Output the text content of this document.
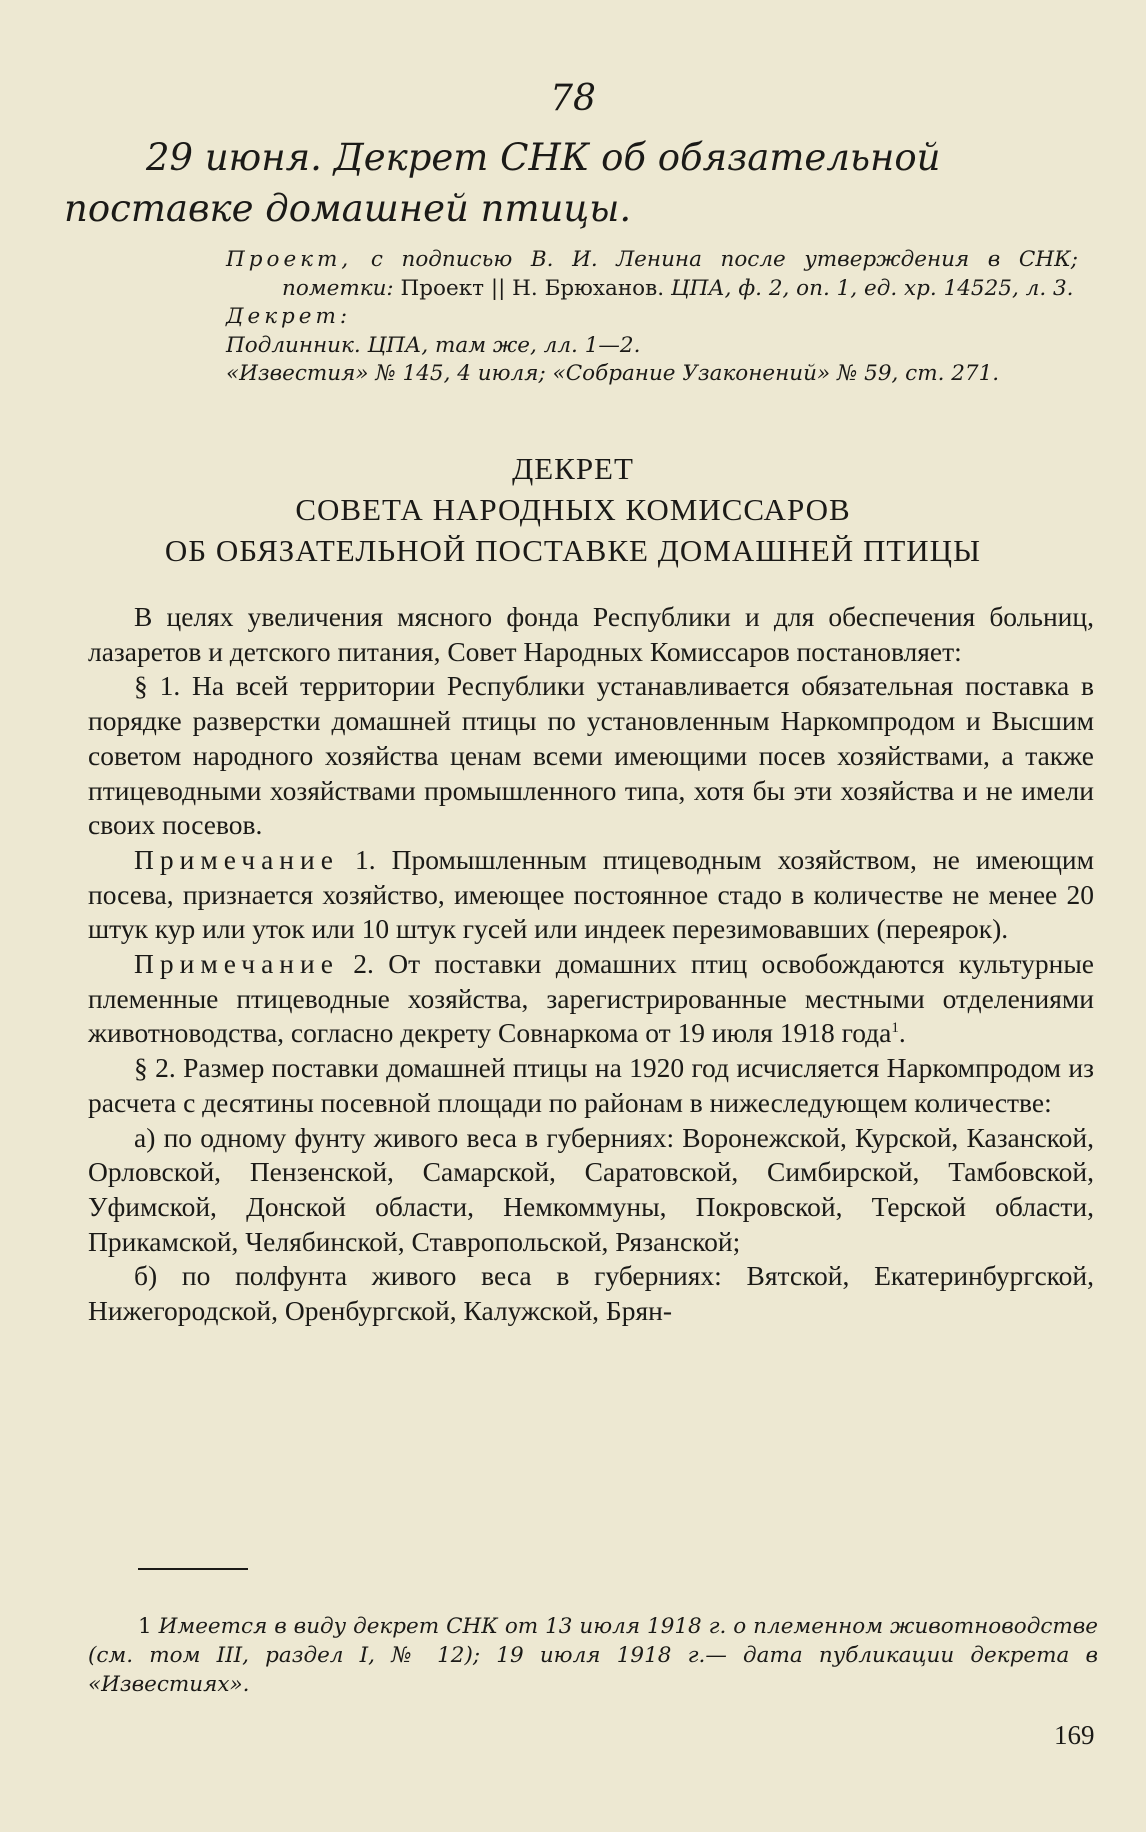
78
29 июня. Декрет СНК об обязательной поставке домашней птицы.

Проект, с подписью В. И. Ленина после утверждения в СНК; пометки: Проект || Н. Брюханов. ЦПА, ф. 2, оп. 1, ед. хр. 14525, л. 3.

Декрет:

Подлинник. ЦПА, там же, лл. 1—2.

«Известия» № 145, 4 июля; «Собрание Узаконений» № 59, ст. 271.

ДЕКРЕТ
СОВЕТА НАРОДНЫХ КОМИССАРОВ
ОБ ОБЯЗАТЕЛЬНОЙ ПОСТАВКЕ ДОМАШНЕЙ ПТИЦЫ

В целях увеличения мясного фонда Республики и для обеспечения больниц, лазаретов и детского питания, Совет Народных Комиссаров постановляет:

§ 1. На всей территории Республики устанавливается обязательная поставка в порядке разверстки домашней птицы по установленным Наркомпродом и Высшим советом народного хозяйства ценам всеми имеющими посев хозяйствами, а также птицеводными хозяйствами промышленного типа, хотя бы эти хозяйства и не имели своих посевов.

Примечание 1. Промышленным птицеводным хозяйством, не имеющим посева, признается хозяйство, имеющее постоянное стадо в количестве не менее 20 штук кур или уток или 10 штук гусей или индеек перезимовавших (переярок).

Примечание 2. От поставки домашних птиц освобождаются культурные племенные птицеводные хозяйства, зарегистрированные местными отделениями животноводства, согласно декрету Совнаркома от 19 июля 1918 года$^1$.

§ 2. Размер поставки домашней птицы на 1920 год исчисляется Наркомпродом из расчета с десятины посевной площади по районам в нижеследующем количестве:

а) по одному фунту живого веса в губерниях: Воронежской, Курской, Казанской, Орловской, Пензенской, Самарской, Саратовской, Симбирской, Тамбовской, Уфимской, Донской области, Немкоммуны, Покровской, Терской области, Прикамской, Челябинской, Ставропольской, Рязанской;

б) по полфунта живого веса в губерниях: Вятской, Екатеринбургской, Нижегородской, Оренбургской, Калужской, Брян-

1 Имеется в виду декрет СНК от 13 июля 1918 г. о племенном животноводстве (см. том III, раздел I, № 12); 19 июля 1918 г.— дата публикации декрета в «Известиях».

169
